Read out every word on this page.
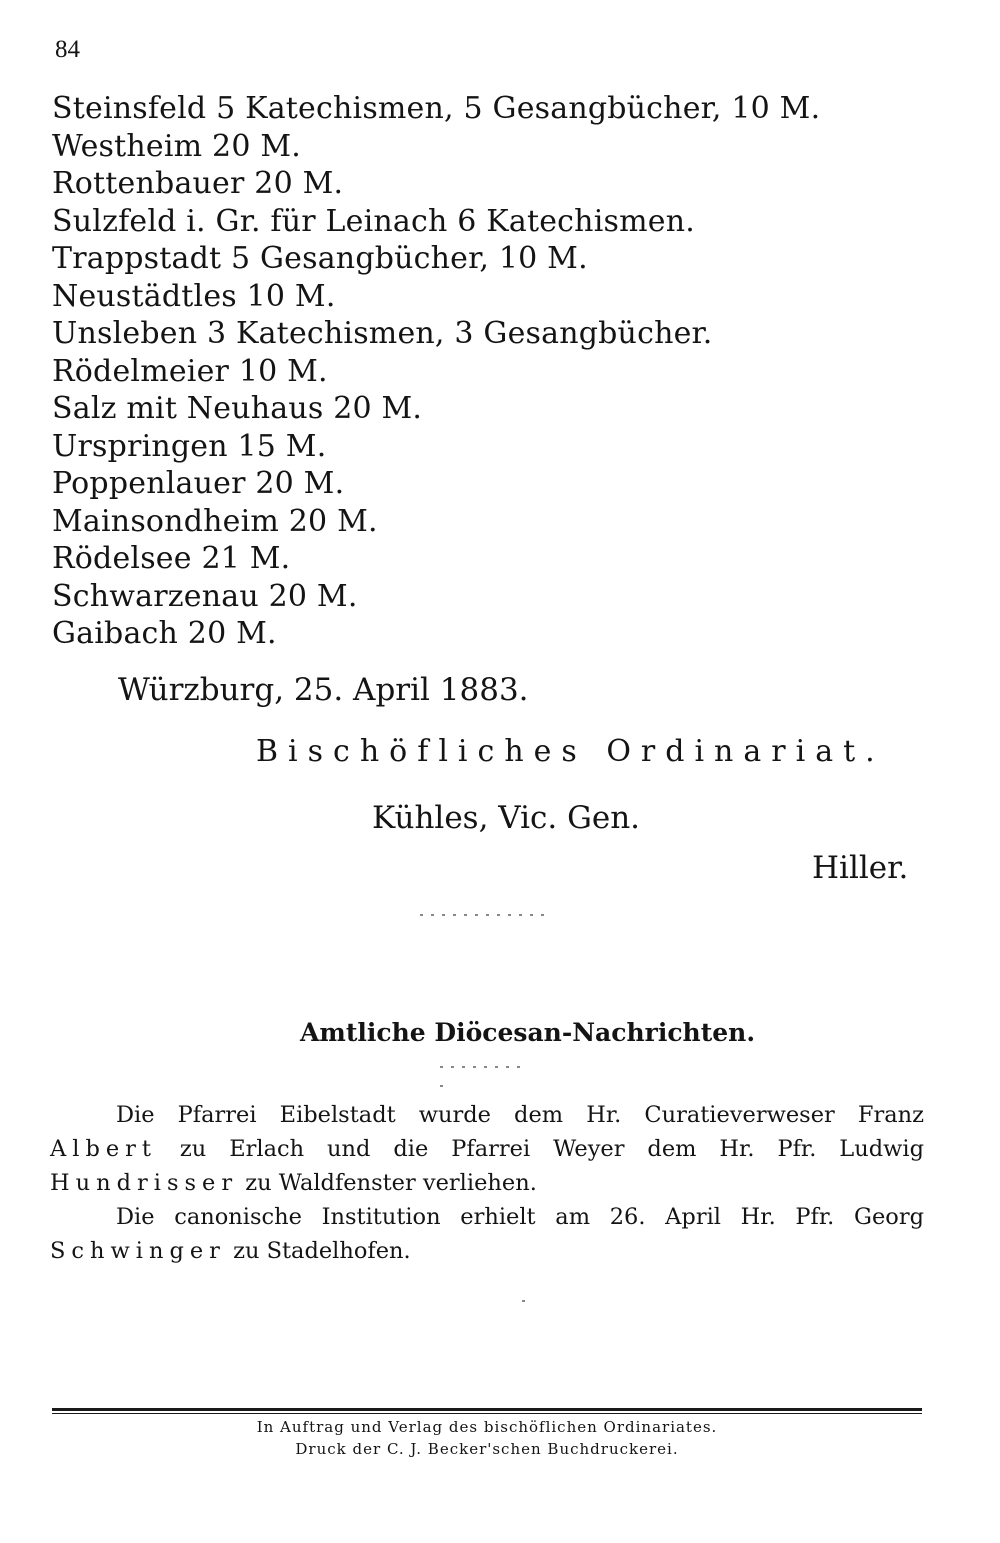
84
Steinsfeld 5 Katechismen, 5 Gesangbücher, 10 M.
Westheim 20 M.
Rottenbauer 20 M.
Sulzfeld i. Gr. für Leinach 6 Katechismen.
Trappstadt 5 Gesangbücher, 10 M.
Neustädtles 10 M.
Unsleben 3 Katechismen, 3 Gesangbücher.
Rödelmeier 10 M.
Salz mit Neuhaus 20 M.
Urspringen 15 M.
Poppenlauer 20 M.
Mainsondheim 20 M.
Rödelsee 21 M.
Schwarzenau 20 M.
Gaibach 20 M.
Würzburg, 25. April 1883.
Bischöfliches Ordinariat.
Kühles, Vic. Gen.
Hiller.
Amtliche Diöcesan-Nachrichten.

Die Pfarrei Eibelstadt wurde dem Hr. Curatieverweser Franz Albert zu Erlach und die Pfarrei Weyer dem Hr. Pfr. Ludwig Hundrisser zu Waldfenster verliehen.

Die canonische Institution erhielt am 26. April Hr. Pfr. Georg Schwinger zu Stadelhofen.

In Auftrag und Verlag des bischöflichen Ordinariates.
Druck der C. J. Becker'schen Buchdruckerei.
